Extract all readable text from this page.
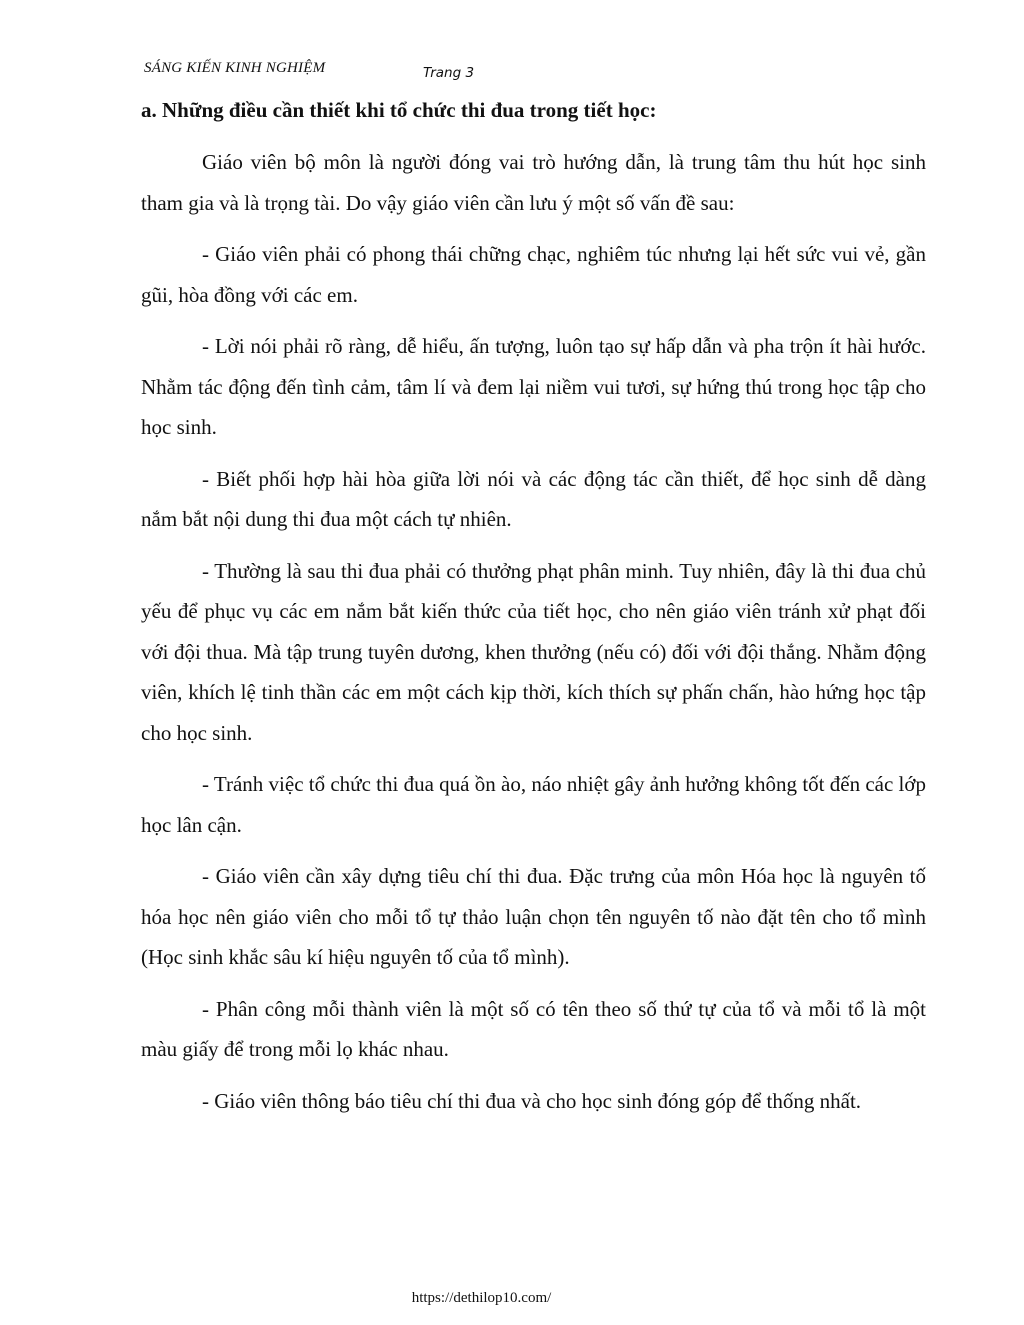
SÁNG KIẾN KINH NGHIỆM	Trang 3
a. Những điều cần thiết khi tổ chức thi đua trong tiết học:

Giáo viên bộ môn là người đóng vai trò hướng dẫn, là trung tâm thu hút học sinh tham gia và là trọng tài. Do vậy giáo viên cần lưu ý một số vấn đề sau:

- Giáo viên phải có phong thái chững chạc, nghiêm túc nhưng lại hết sức vui vẻ, gần gũi, hòa đồng với các em.

- Lời nói phải rõ ràng, dễ hiểu, ấn tượng, luôn tạo sự hấp dẫn và pha trộn ít hài hước. Nhằm tác động đến tình cảm, tâm lí và đem lại niềm vui tươi, sự hứng thú trong học tập cho học sinh.

- Biết phối hợp hài hòa giữa lời nói và các động tác cần thiết, để học sinh dễ dàng nắm bắt nội dung thi đua một cách tự nhiên.

- Thường là sau thi đua phải có thưởng phạt phân minh. Tuy nhiên, đây là thi đua chủ yếu để phục vụ các em nắm bắt kiến thức của tiết học, cho nên giáo viên tránh xử phạt đối với đội thua. Mà tập trung tuyên dương, khen thưởng (nếu có) đối với đội thắng. Nhằm động viên, khích lệ tinh thần các em một cách kịp thời, kích thích sự phấn chấn, hào hứng học tập cho học sinh.

- Tránh việc tổ chức thi đua quá ồn ào, náo nhiệt gây ảnh hưởng không tốt đến các lớp học lân cận.

- Giáo viên cần xây dựng tiêu chí thi đua. Đặc trưng của môn Hóa học là nguyên tố hóa học nên giáo viên cho mỗi tổ tự thảo luận chọn tên nguyên tố nào đặt tên cho tổ mình (Học sinh khắc sâu kí hiệu nguyên tố của tổ mình).

- Phân công mỗi thành viên là một số có tên theo số thứ tự của tổ và mỗi tổ là một màu giấy để trong mỗi lọ khác nhau.

- Giáo viên thông báo tiêu chí thi đua và cho học sinh đóng góp để thống nhất.

https://dethilop10.com/
